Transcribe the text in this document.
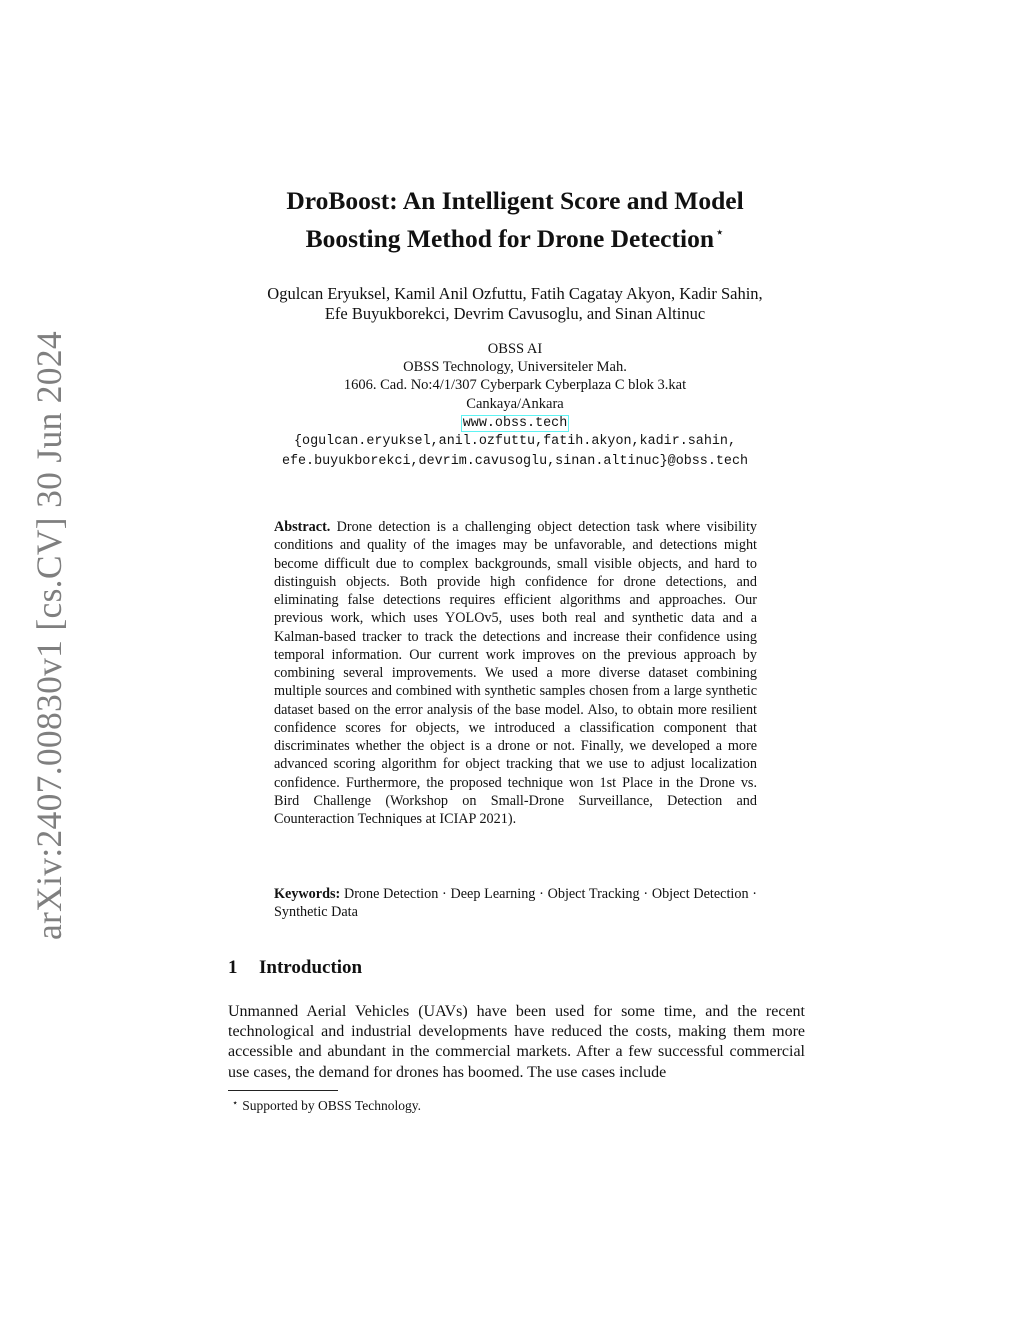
arXiv:2407.00830v1 [cs.CV] 30 Jun 2024
DroBoost: An Intelligent Score and Model
Boosting Method for Drone Detection⋆
Ogulcan Eryuksel, Kamil Anil Ozfuttu, Fatih Cagatay Akyon, Kadir Sahin,
Efe Buyukborekci, Devrim Cavusoglu, and Sinan Altinuc
OBSS AI
OBSS Technology, Universiteler Mah.
1606. Cad. No:4/1/307 Cyberpark Cyberplaza C blok 3.kat
Cankaya/Ankara
www.obss.tech
{ogulcan.eryuksel,anil.ozfuttu,fatih.akyon,kadir.sahin,
efe.buyukborekci,devrim.cavusoglu,sinan.altinuc}@obss.tech

Abstract. Drone detection is a challenging object detection task where visibility conditions and quality of the images may be unfavorable, and detections might become difficult due to complex backgrounds, small visible objects, and hard to distinguish objects. Both provide high confidence for drone detections, and eliminating false detections requires efficient algorithms and approaches. Our previous work, which uses YOLOv5, uses both real and synthetic data and a Kalman-based tracker to track the detections and increase their confidence using temporal information. Our current work improves on the previous approach by combining several improvements. We used a more diverse dataset combining multiple sources and combined with synthetic samples chosen from a large synthetic dataset based on the error analysis of the base model. Also, to obtain more resilient confidence scores for objects, we introduced a classification component that discriminates whether the object is a drone or not. Finally, we developed a more advanced scoring algorithm for object tracking that we use to adjust localization confidence. Furthermore, the proposed technique won 1st Place in the Drone vs. Bird Challenge (Workshop on Small-Drone Surveillance, Detection and Counteraction Techniques at ICIAP 2021).

Keywords: Drone Detection · Deep Learning · Object Tracking · Object Detection · Synthetic Data

1 Introduction

Unmanned Aerial Vehicles (UAVs) have been used for some time, and the recent technological and industrial developments have reduced the costs, making them more accessible and abundant in the commercial markets. After a few successful commercial use cases, the demand for drones has boomed. The use cases include

⋆ Supported by OBSS Technology.
